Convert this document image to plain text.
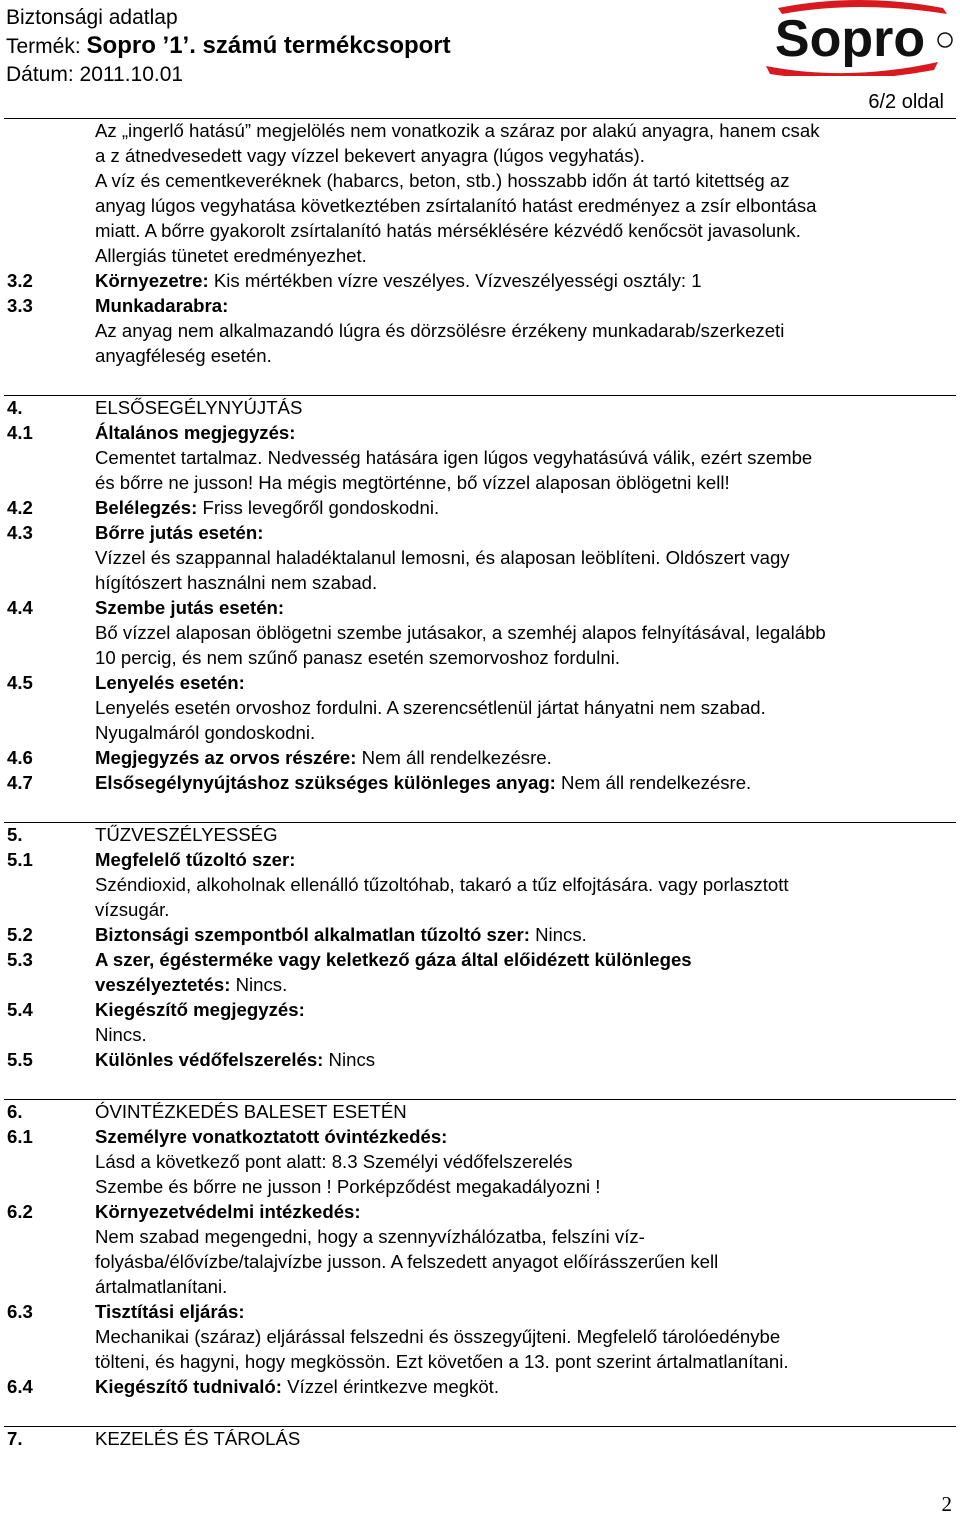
Biztonsági adatlap
Termék: Sopro ’1’. számú termékcsoport
Dátum: 2011.10.01
Sopro
6/2 oldal
Az „ingerlő hatású” megjelölés nem vonatkozik a száraz por alakú anyagra, hanem csak
a z átnedvesedett vagy vízzel bekevert anyagra (lúgos vegyhatás).
A víz és cementkeveréknek (habarcs, beton, stb.) hosszabb időn át tartó kitettség az
anyag lúgos vegyhatása következtében zsírtalanító hatást eredményez a zsír elbontása
miatt. A bőrre gyakorolt zsírtalanító hatás mérséklésére kézvédő kenőcsöt javasolunk.
Allergiás tünetet eredményezhet.
3.2	Környezetre: Kis mértékben vízre veszélyes. Vízveszélyességi osztály: 1
3.3	Munkadarabra:
Az anyag nem alkalmazandó lúgra és dörzsölésre érzékeny munkadarab/szerkezeti
anyagféleség esetén.
4.	ELSŐSEGÉLYNYÚJTÁS
4.1	Általános megjegyzés:
Cementet tartalmaz. Nedvesség hatására igen lúgos vegyhatásúvá válik, ezért szembe
és bőrre ne jusson! Ha mégis megtörténne, bő vízzel alaposan öblögetni kell!
4.2	Belélegzés: Friss levegőről gondoskodni.
4.3	Bőrre jutás esetén:
Vízzel és szappannal haladéktalanul lemosni, és alaposan leöblíteni. Oldószert vagy
hígítószert használni nem szabad.
4.4	Szembe jutás esetén:
Bő vízzel alaposan öblögetni szembe jutásakor, a szemhéj alapos felnyításával, legalább
10 percig, és nem szűnő panasz esetén szemorvoshoz fordulni.
4.5	Lenyelés esetén:
Lenyelés esetén orvoshoz fordulni. A szerencsétlenül jártat hányatni nem szabad.
Nyugalmáról gondoskodni.
4.6	Megjegyzés az orvos részére: Nem áll rendelkezésre.
4.7	Elsősegélynyújtáshoz szükséges különleges anyag: Nem áll rendelkezésre.
5.	TŰZVESZÉLYESSÉG
5.1	Megfelelő tűzoltó szer:
Széndioxid, alkoholnak ellenálló tűzoltóhab, takaró a tűz elfojtására. vagy porlasztott
vízsugár.
5.2	Biztonsági szempontból alkalmatlan tűzoltó szer: Nincs.
5.3	A szer, égésterméke vagy keletkező gáza által előidézett különleges
veszélyeztetés: Nincs.
5.4	Kiegészítő megjegyzés:
Nincs.
5.5	Különles védőfelszerelés: Nincs
6.	ÓVINTÉZKEDÉS BALESET ESETÉN
6.1	Személyre vonatkoztatott óvintézkedés:
Lásd a következő pont alatt: 8.3 Személyi védőfelszerelés
Szembe és bőrre ne jusson ! Porképződést megakadályozni !
6.2	Környezetvédelmi intézkedés:
Nem szabad megengedni, hogy a szennyvízhálózatba, felszíni víz-
folyásba/élővízbe/talajvízbe jusson. A felszedett anyagot előírásszerűen kell
ártalmatlanítani.
6.3	Tisztítási eljárás:
Mechanikai (száraz) eljárással felszedni és összegyűjteni. Megfelelő tárolóedénybe
tölteni, és hagyni, hogy megkössön. Ezt követően a 13. pont szerint ártalmatlanítani.
6.4	Kiegészítő tudnivaló: Vízzel érintkezve megköt.
7.	KEZELÉS ÉS TÁROLÁS
2
